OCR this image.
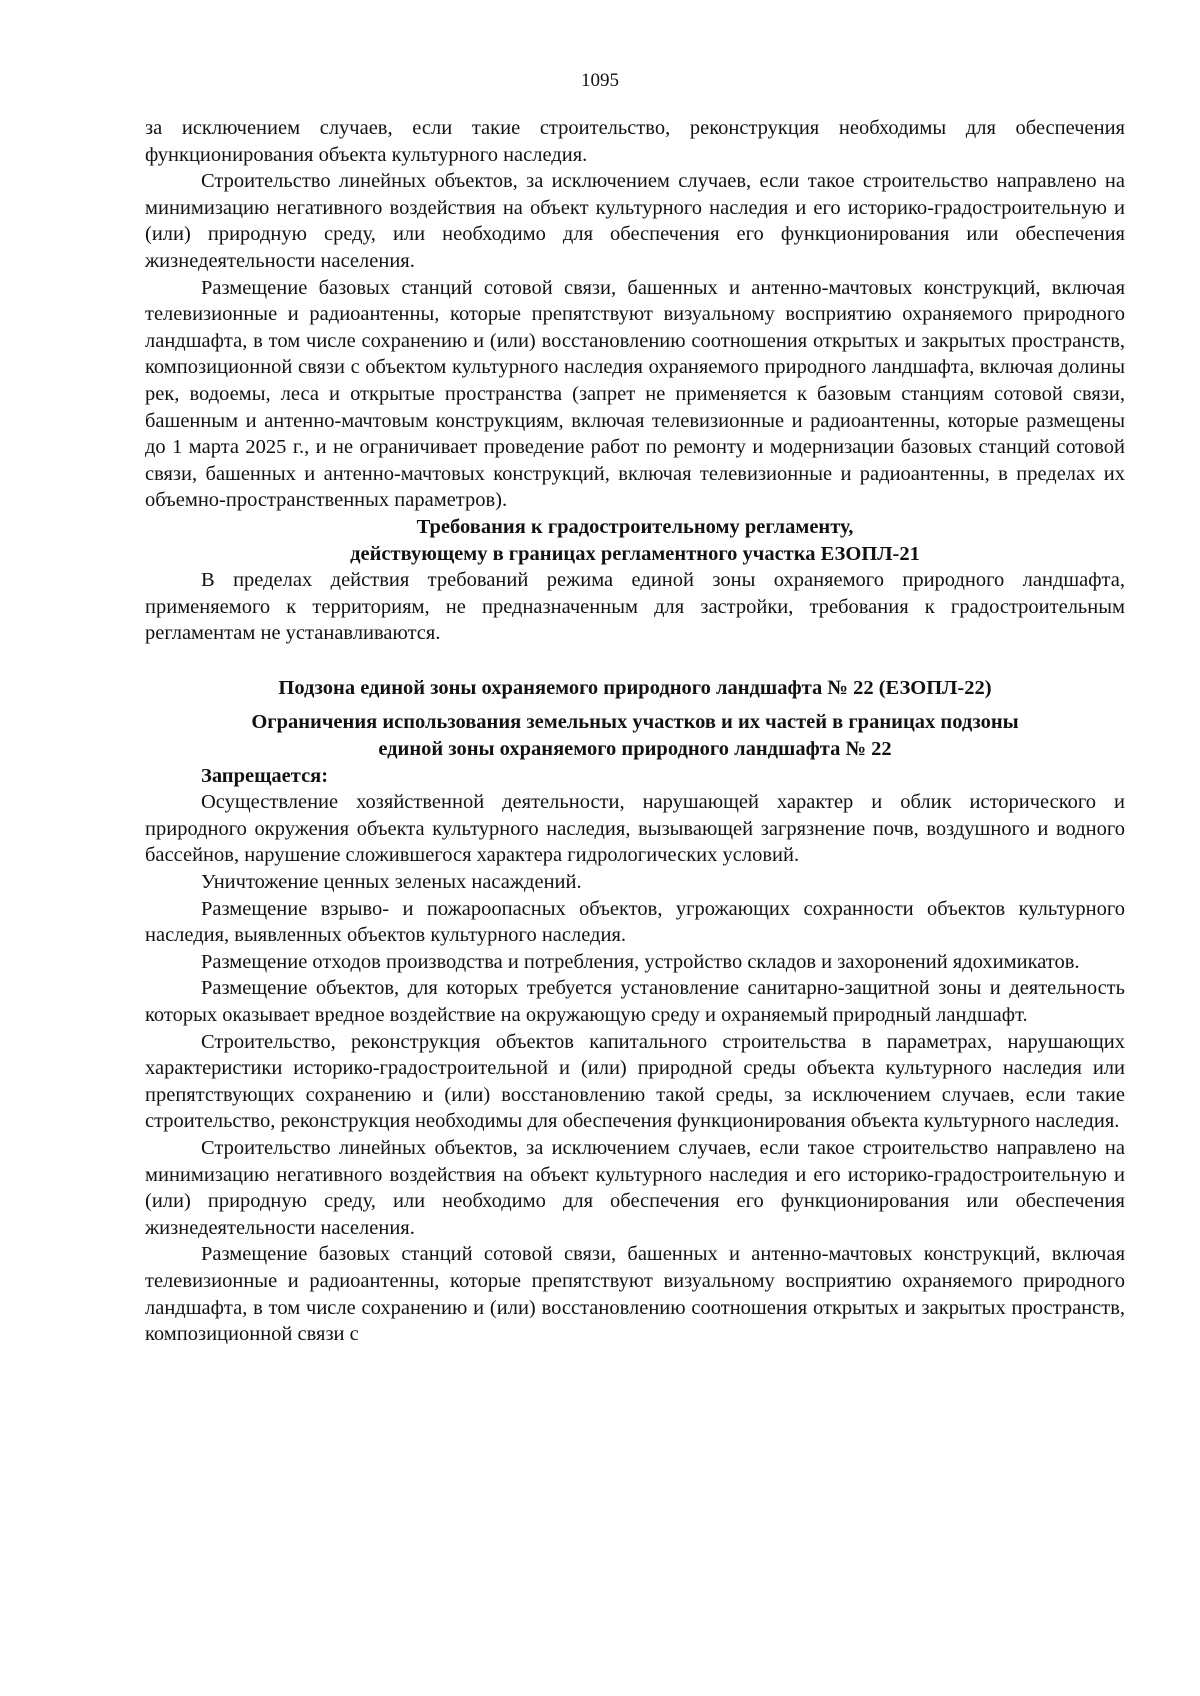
1095

за исключением случаев, если такие строительство, реконструкция необходимы для обеспечения функционирования объекта культурного наследия.

Строительство линейных объектов, за исключением случаев, если такое строительство направлено на минимизацию негативного воздействия на объект культурного наследия и его историко-градостроительную и (или) природную среду, или необходимо для обеспечения его функционирования или обеспечения жизнедеятельности населения.

Размещение базовых станций сотовой связи, башенных и антенно-мачтовых конструкций, включая телевизионные и радиоантенны, которые препятствуют визуальному восприятию охраняемого природного ландшафта, в том числе сохранению и (или) восстановлению соотношения открытых и закрытых пространств, композиционной связи с объектом культурного наследия охраняемого природного ландшафта, включая долины рек, водоемы, леса и открытые пространства (запрет не применяется к базовым станциям сотовой связи, башенным и антенно-мачтовым конструкциям, включая телевизионные и радиоантенны, которые размещены до 1 марта 2025 г., и не ограничивает проведение работ по ремонту и модернизации базовых станций сотовой связи, башенных и антенно-мачтовых конструкций, включая телевизионные и радиоантенны, в пределах их объемно-пространственных параметров).

Требования к градостроительному регламенту,
действующему в границах регламентного участка ЕЗОПЛ-21

В пределах действия требований режима единой зоны охраняемого природного ландшафта, применяемого к территориям, не предназначенным для застройки, требования к градостроительным регламентам не устанавливаются.

Подзона единой зоны охраняемого природного ландшафта № 22 (ЕЗОПЛ-22)
Ограничения использования земельных участков и их частей в границах подзоны
единой зоны охраняемого природного ландшафта № 22
Запрещается:

Осуществление хозяйственной деятельности, нарушающей характер и облик исторического и природного окружения объекта культурного наследия, вызывающей загрязнение почв, воздушного и водного бассейнов, нарушение сложившегося характера гидрологических условий.

Уничтожение ценных зеленых насаждений.

Размещение взрыво- и пожароопасных объектов, угрожающих сохранности объектов культурного наследия, выявленных объектов культурного наследия.

Размещение отходов производства и потребления, устройство складов и захоронений ядохимикатов.

Размещение объектов, для которых требуется установление санитарно-защитной зоны и деятельность которых оказывает вредное воздействие на окружающую среду и охраняемый природный ландшафт.

Строительство, реконструкция объектов капитального строительства в параметрах, нарушающих характеристики историко-градостроительной и (или) природной среды объекта культурного наследия или препятствующих сохранению и (или) восстановлению такой среды, за исключением случаев, если такие строительство, реконструкция необходимы для обеспечения функционирования объекта культурного наследия.

Строительство линейных объектов, за исключением случаев, если такое строительство направлено на минимизацию негативного воздействия на объект культурного наследия и его историко-градостроительную и (или) природную среду, или необходимо для обеспечения его функционирования или обеспечения жизнедеятельности населения.

Размещение базовых станций сотовой связи, башенных и антенно-мачтовых конструкций, включая телевизионные и радиоантенны, которые препятствуют визуальному восприятию охраняемого природного ландшафта, в том числе сохранению и (или) восстановлению соотношения открытых и закрытых пространств, композиционной связи с
